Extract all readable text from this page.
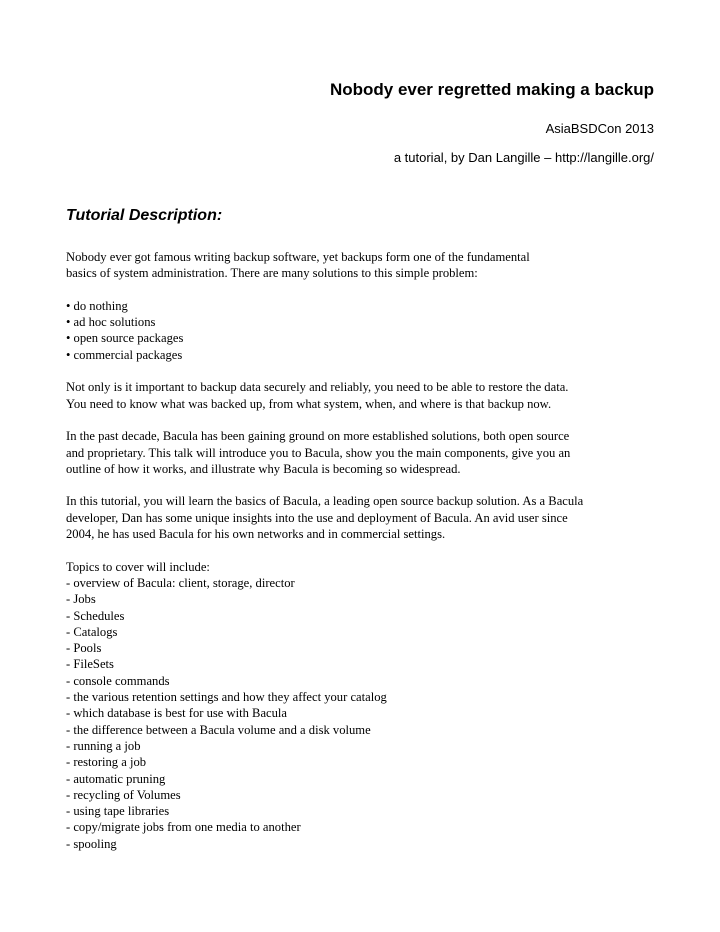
Nobody ever regretted making a backup
AsiaBSDCon 2013
a tutorial, by Dan Langille – http://langille.org/
Tutorial Description:
Nobody ever got famous writing backup software, yet backups form one of the fundamental
basics of system administration. There are many solutions to this simple problem:
• do nothing
• ad hoc solutions
• open source packages
• commercial packages
Not only is it important to backup data securely and reliably, you need to be able to restore the data.
You need to know what was backed up, from what system, when, and where is that backup now.
In the past decade, Bacula has been gaining ground on more established solutions, both open source
and proprietary. This talk will introduce you to Bacula, show you the main components, give you an
outline of how it works, and illustrate why Bacula is becoming so widespread.
In this tutorial, you will learn the basics of Bacula, a leading open source backup solution. As a Bacula
developer, Dan has some unique insights into the use and deployment of Bacula. An avid user since
2004, he has used Bacula for his own networks and in commercial settings.
Topics to cover will include:
- overview of Bacula: client, storage, director
- Jobs
- Schedules
- Catalogs
- Pools
- FileSets
- console commands
- the various retention settings and how they affect your catalog
- which database is best for use with Bacula
- the difference between a Bacula volume and a disk volume
- running a job
- restoring a job
- automatic pruning
- recycling of Volumes
- using tape libraries
- copy/migrate jobs from one media to another
- spooling
